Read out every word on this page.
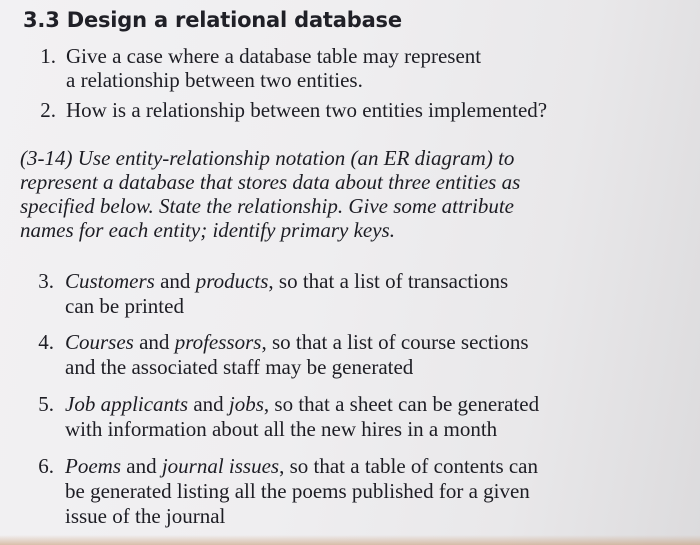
3.3 Design a relational database
1. Give a case where a database table may represent
a relationship between two entities.
2. How is a relationship between two entities implemented?
(3-14) Use entity-relationship notation (an ER diagram) to
represent a database that stores data about three entities as
specified below. State the relationship. Give some attribute
names for each entity; identify primary keys.
3. Customers and products, so that a list of transactions
can be printed
4. Courses and professors, so that a list of course sections
and the associated staff may be generated
5. Job applicants and jobs, so that a sheet can be generated
with information about all the new hires in a month
6. Poems and journal issues, so that a table of contents can
be generated listing all the poems published for a given
issue of the journal
